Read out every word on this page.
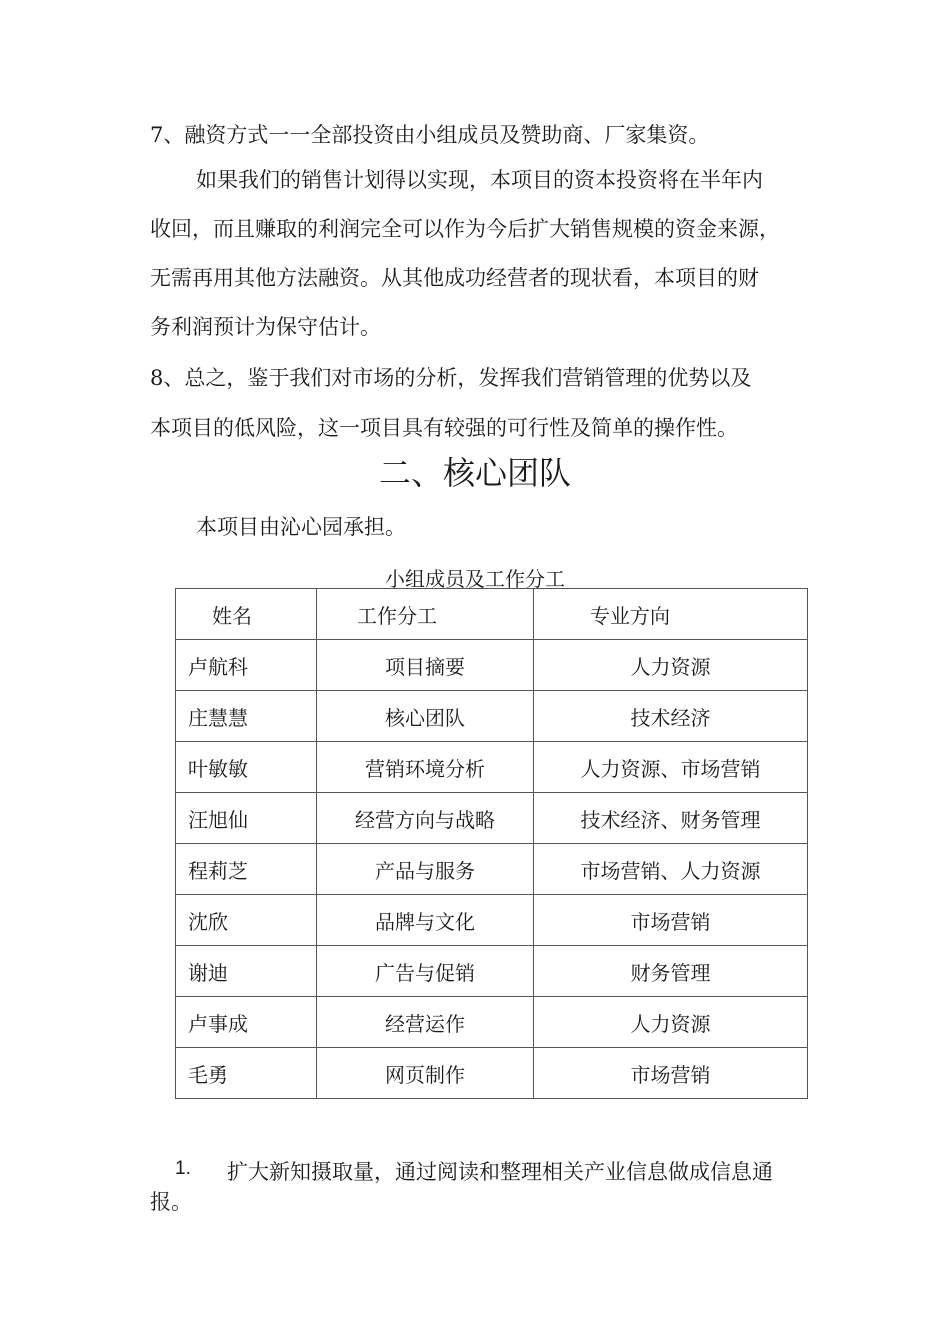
7、融资方式一一全部投资由小组成员及赞助商、厂家集资。
如果我们的销售计划得以实现，本项目的资本投资将在半年内
收回，而且赚取的利润完全可以作为今后扩大销售规模的资金来源，
无需再用其他方法融资。从其他成功经营者的现状看，本项目的财
务利润预计为保守估计。
8、总之，鉴于我们对市场的分析，发挥我们营销管理的优势以及
本项目的低风险，这一项目具有较强的可行性及简单的操作性。
二、核心团队
本项目由沁心园承担。
小组成员及工作分工
姓名	工作分工	专业方向
卢航科	项目摘要	人力资源
庄慧慧	核心团队	技术经济
叶敏敏	营销环境分析	人力资源、市场营销
汪旭仙	经营方向与战略	技术经济、财务管理
程莉芝	产品与服务	市场营销、人力资源
沈欣	品牌与文化	市场营销
谢迪	广告与促销	财务管理
卢事成	经营运作	人力资源
毛勇	网页制作	市场营销
1. 扩大新知摄取量，通过阅读和整理相关产业信息做成信息通
报。
